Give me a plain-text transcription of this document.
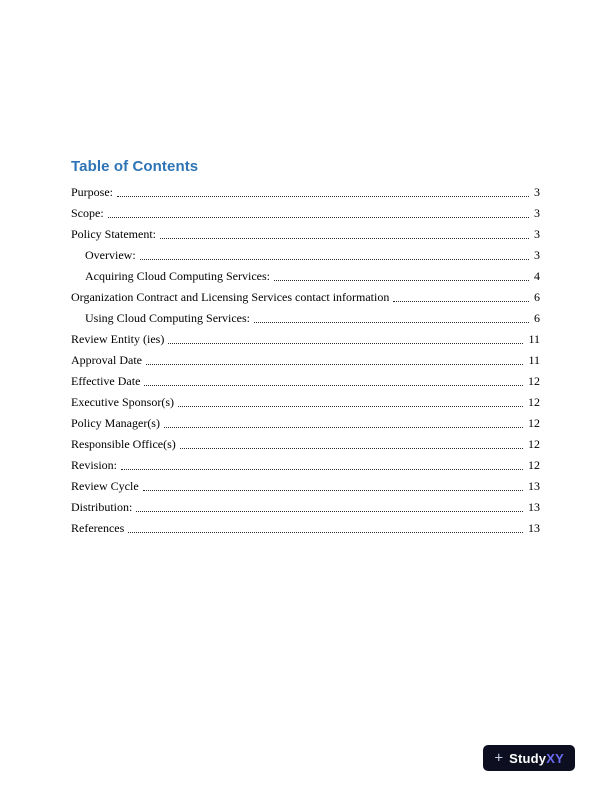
Table of Contents
Purpose:	3
Scope:	3
Policy Statement:	3
Overview:	3
Acquiring Cloud Computing Services:	4
Organization Contract and Licensing Services contact information	6
Using Cloud Computing Services:	6
Review Entity (ies)	11
Approval Date	11
Effective Date	12
Executive Sponsor(s)	12
Policy Manager(s)	12
Responsible Office(s)	12
Revision:	12
Review Cycle	13
Distribution:	13
References	13
+ StudyXY
